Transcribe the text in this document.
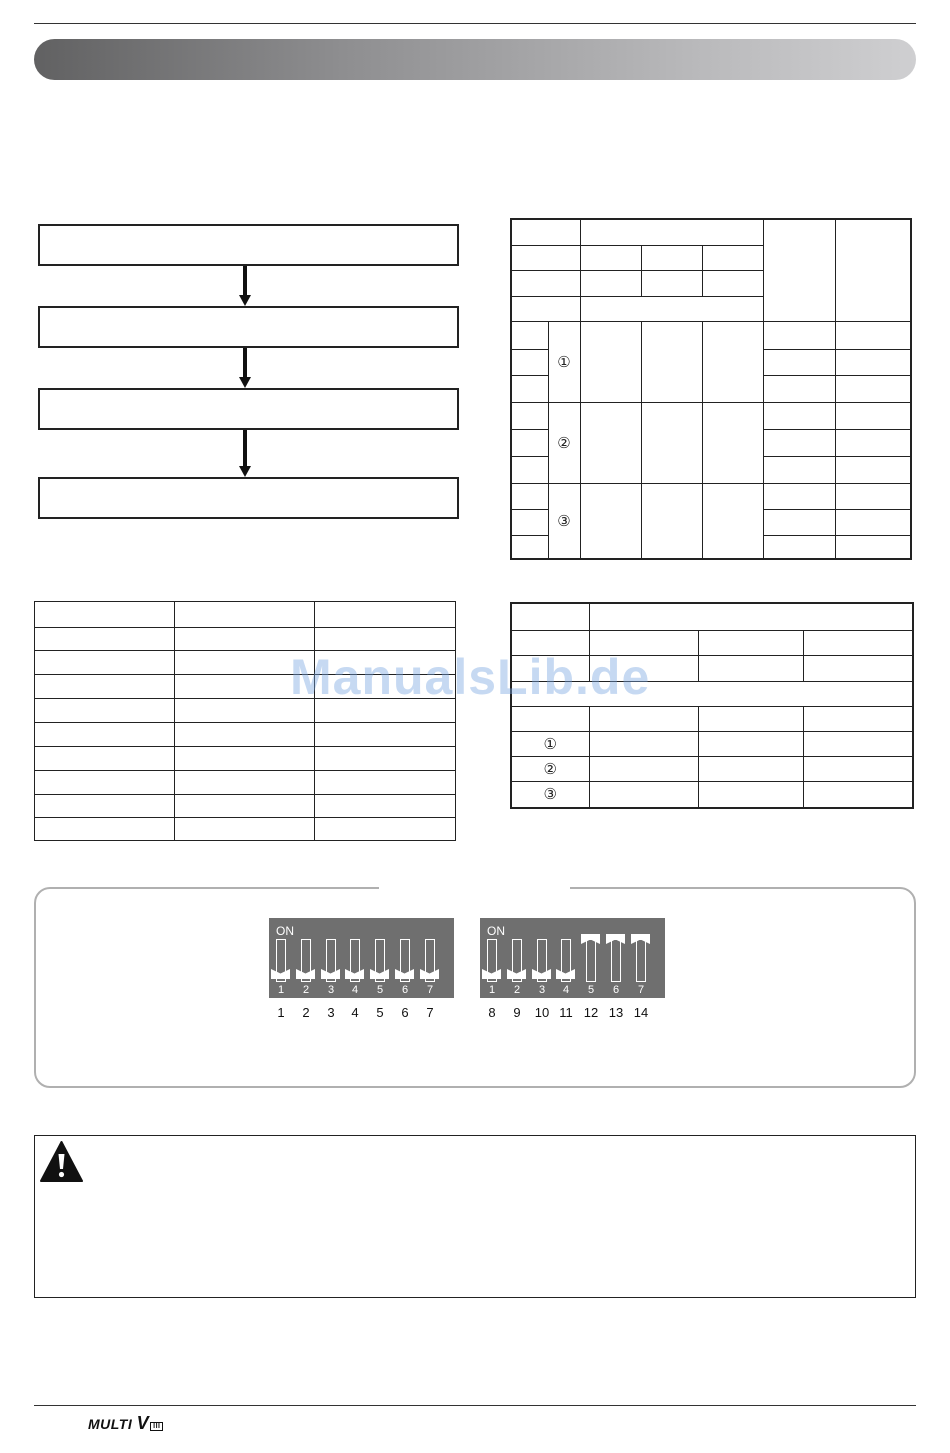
	①					

	②					

	③					

①			
②			
③			
ManualsLib.de
ON
1	2	3	4	5	6	7
ON
1	2	3	4	5	6	7
1	2	3	4	5	6	7	8	9	10 11 12 13 14
MULTI V III
